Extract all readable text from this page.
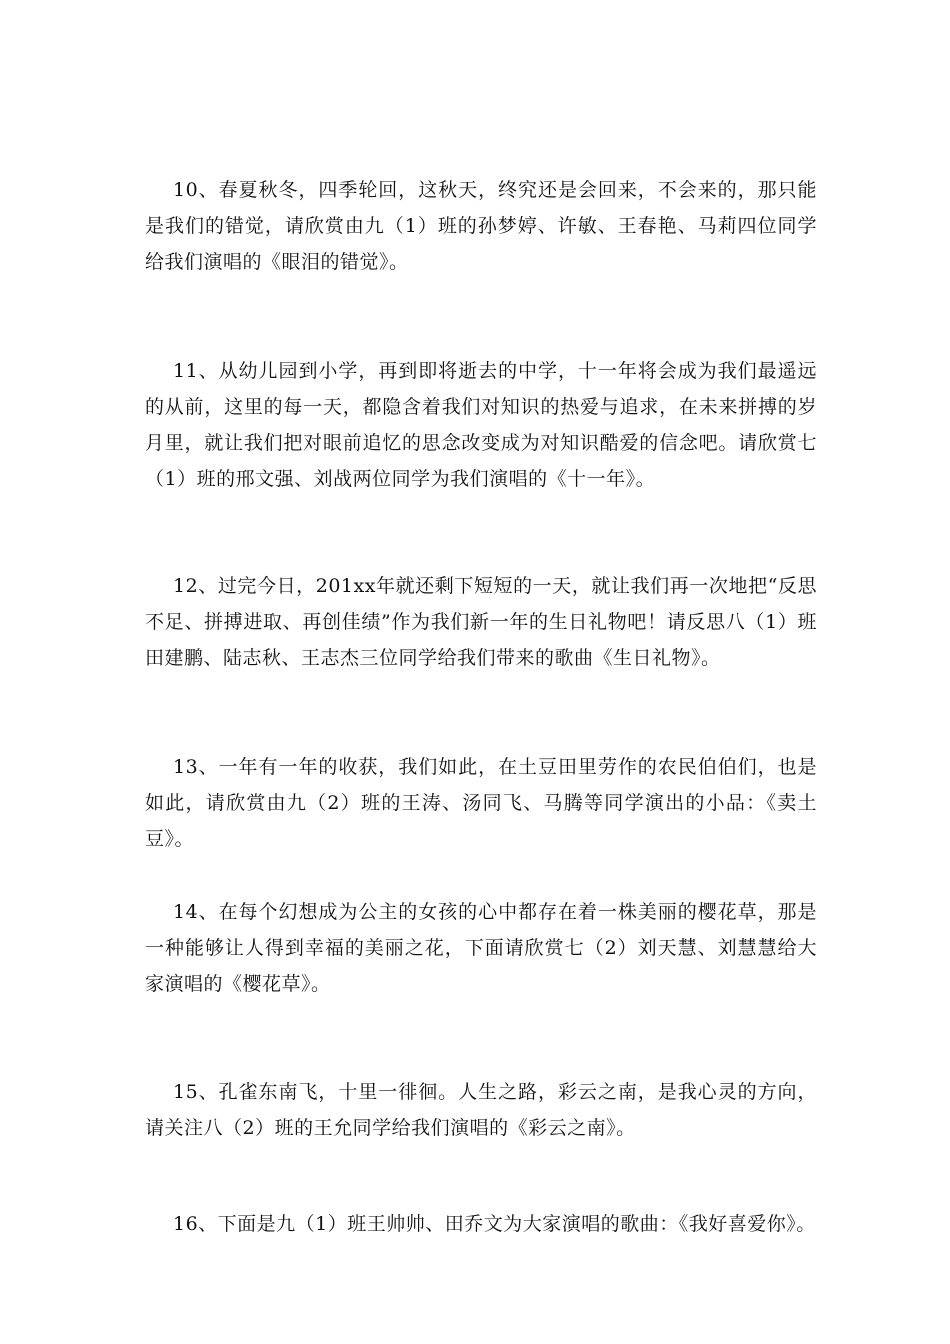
10、春夏秋冬，四季轮回，这秋天，终究还是会回来，不会来的，那只能是我们的错觉，请欣赏由九（1）班的孙梦婷、许敏、王春艳、马莉四位同学给我们演唱的《眼泪的错觉》。

11、从幼儿园到小学，再到即将逝去的中学，十一年将会成为我们最遥远的从前，这里的每一天，都隐含着我们对知识的热爱与追求，在未来拼搏的岁月里，就让我们把对眼前追忆的思念改变成为对知识酷爱的信念吧。请欣赏七（1）班的邢文强、刘战两位同学为我们演唱的《十一年》。

12、过完今日，201xx年就还剩下短短的一天，就让我们再一次地把“反思不足、拼搏进取、再创佳绩”作为我们新一年的生日礼物吧！请反思八（1）班田建鹏、陆志秋、王志杰三位同学给我们带来的歌曲《生日礼物》。

13、一年有一年的收获，我们如此，在土豆田里劳作的农民伯伯们，也是如此，请欣赏由九（2）班的王涛、汤同飞、马腾等同学演出的小品：《卖土豆》。

14、在每个幻想成为公主的女孩的心中都存在着一株美丽的樱花草，那是一种能够让人得到幸福的美丽之花，下面请欣赏七（2）刘天慧、刘慧慧给大家演唱的《樱花草》。

15、孔雀东南飞，十里一徘徊。人生之路，彩云之南，是我心灵的方向，请关注八（2）班的王允同学给我们演唱的《彩云之南》。

16、下面是九（1）班王帅帅、田乔文为大家演唱的歌曲：《我好喜爱你》。
